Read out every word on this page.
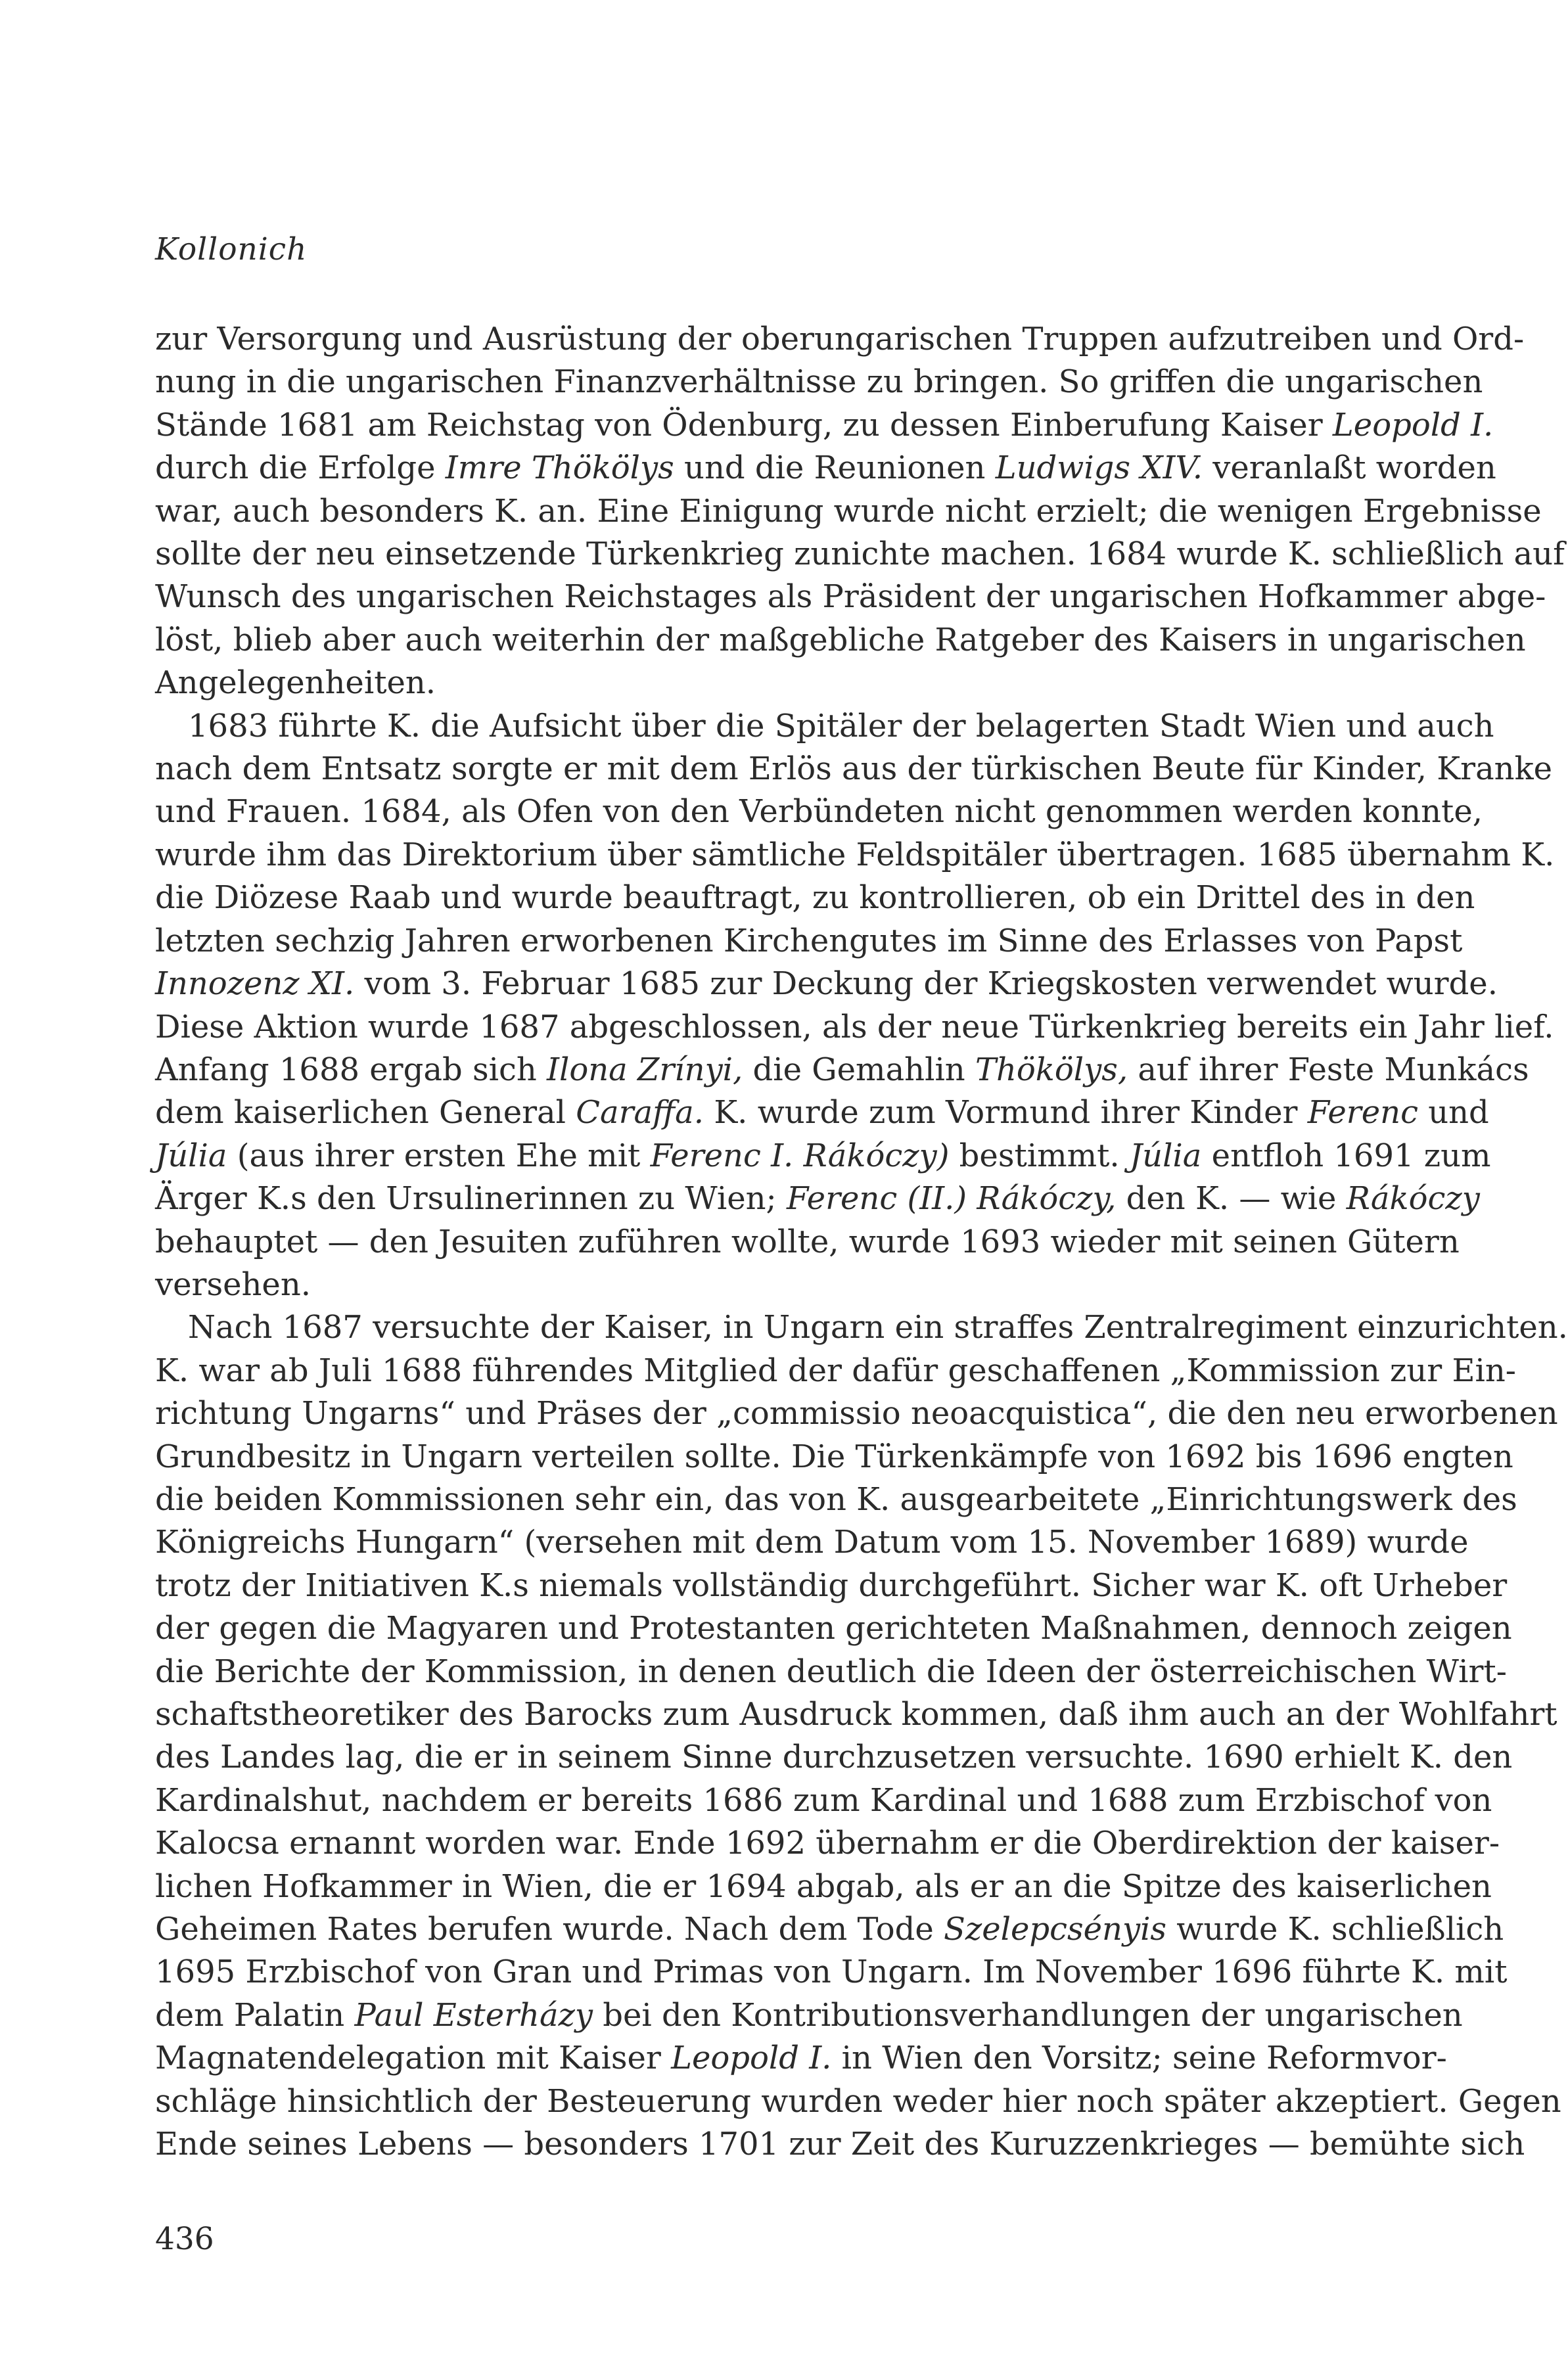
Kollonich

zur Versorgung und Ausrüstung der oberungarischen Truppen aufzutreiben und Ord-
nung in die ungarischen Finanzverhältnisse zu bringen. So griffen die ungarischen
Stände 1681 am Reichstag von Ödenburg, zu dessen Einberufung Kaiser Leopold I.
durch die Erfolge Imre Thökölys und die Reunionen Ludwigs XIV. veranlaßt worden
war, auch besonders K. an. Eine Einigung wurde nicht erzielt; die wenigen Ergebnisse
sollte der neu einsetzende Türkenkrieg zunichte machen. 1684 wurde K. schließlich auf
Wunsch des ungarischen Reichstages als Präsident der ungarischen Hofkammer abge-
löst, blieb aber auch weiterhin der maßgebliche Ratgeber des Kaisers in ungarischen
Angelegenheiten.
1683 führte K. die Aufsicht über die Spitäler der belagerten Stadt Wien und auch
nach dem Entsatz sorgte er mit dem Erlös aus der türkischen Beute für Kinder, Kranke
und Frauen. 1684, als Ofen von den Verbündeten nicht genommen werden konnte,
wurde ihm das Direktorium über sämtliche Feldspitäler übertragen. 1685 übernahm K.
die Diözese Raab und wurde beauftragt, zu kontrollieren, ob ein Drittel des in den
letzten sechzig Jahren erworbenen Kirchengutes im Sinne des Erlasses von Papst
Innozenz XI. vom 3. Februar 1685 zur Deckung der Kriegskosten verwendet wurde.
Diese Aktion wurde 1687 abgeschlossen, als der neue Türkenkrieg bereits ein Jahr lief.
Anfang 1688 ergab sich Ilona Zrínyi, die Gemahlin Thökölys, auf ihrer Feste Munkács
dem kaiserlichen General Caraffa. K. wurde zum Vormund ihrer Kinder Ferenc und
Júlia (aus ihrer ersten Ehe mit Ferenc I. Rákóczy) bestimmt. Júlia entfloh 1691 zum
Ärger K.s den Ursulinerinnen zu Wien; Ferenc (II.) Rákóczy, den K. — wie Rákóczy
behauptet — den Jesuiten zuführen wollte, wurde 1693 wieder mit seinen Gütern
versehen.
Nach 1687 versuchte der Kaiser, in Ungarn ein straffes Zentralregiment einzurichten.
K. war ab Juli 1688 führendes Mitglied der dafür geschaffenen „Kommission zur Ein-
richtung Ungarns“ und Präses der „commissio neoacquistica“, die den neu erworbenen
Grundbesitz in Ungarn verteilen sollte. Die Türkenkämpfe von 1692 bis 1696 engten
die beiden Kommissionen sehr ein, das von K. ausgearbeitete „Einrichtungswerk des
Königreichs Hungarn“ (versehen mit dem Datum vom 15. November 1689) wurde
trotz der Initiativen K.s niemals vollständig durchgeführt. Sicher war K. oft Urheber
der gegen die Magyaren und Protestanten gerichteten Maßnahmen, dennoch zeigen
die Berichte der Kommission, in denen deutlich die Ideen der österreichischen Wirt-
schaftstheoretiker des Barocks zum Ausdruck kommen, daß ihm auch an der Wohlfahrt
des Landes lag, die er in seinem Sinne durchzusetzen versuchte. 1690 erhielt K. den
Kardinalshut, nachdem er bereits 1686 zum Kardinal und 1688 zum Erzbischof von
Kalocsa ernannt worden war. Ende 1692 übernahm er die Oberdirektion der kaiser-
lichen Hofkammer in Wien, die er 1694 abgab, als er an die Spitze des kaiserlichen
Geheimen Rates berufen wurde. Nach dem Tode Szelepcsényis wurde K. schließlich
1695 Erzbischof von Gran und Primas von Ungarn. Im November 1696 führte K. mit
dem Palatin Paul Esterházy bei den Kontributionsverhandlungen der ungarischen
Magnatendelegation mit Kaiser Leopold I. in Wien den Vorsitz; seine Reformvor-
schläge hinsichtlich der Besteuerung wurden weder hier noch später akzeptiert. Gegen
Ende seines Lebens — besonders 1701 zur Zeit des Kuruzzenkrieges — bemühte sich

436
